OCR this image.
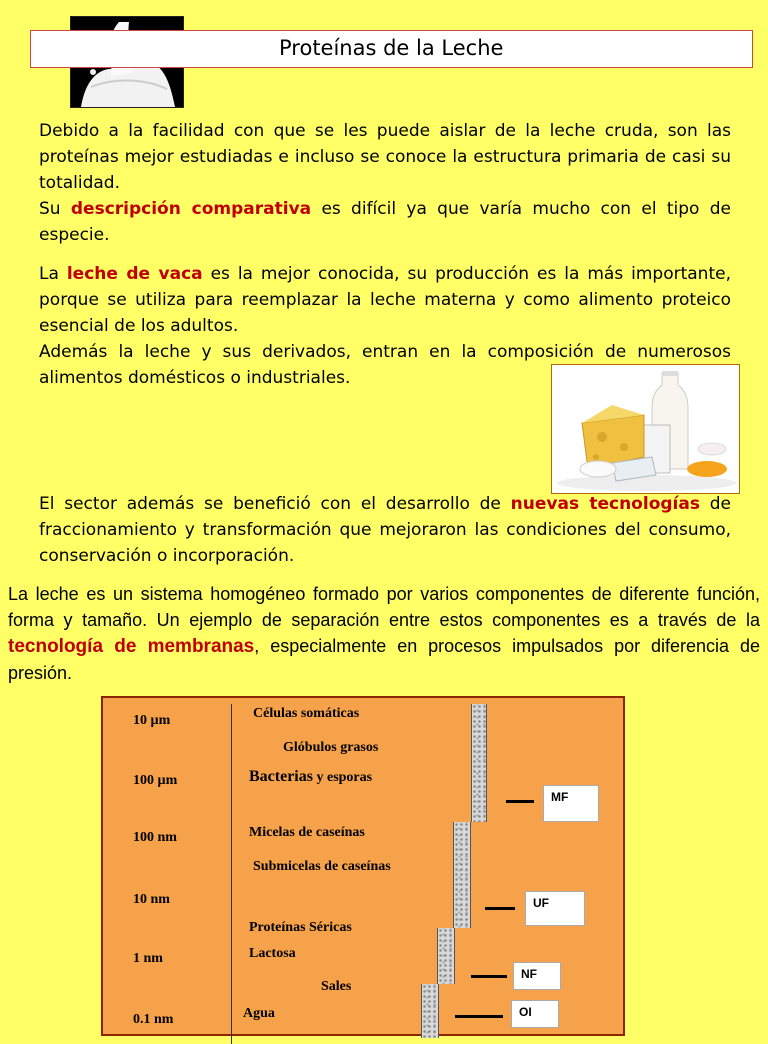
Proteínas de la Leche
Debido a la facilidad con que se les puede aislar de la leche cruda, son las proteínas mejor estudiadas e incluso se conoce la estructura primaria de casi su totalidad.
Su descripción comparativa es difícil ya que varía mucho con el tipo de especie.
La leche de vaca es la mejor conocida, su producción es la más importante, porque se utiliza para reemplazar la leche materna y como alimento proteico esencial de los adultos.
Además la leche y sus derivados, entran en la composición de numerosos alimentos domésticos o industriales.
El sector además se benefició con el desarrollo de nuevas tecnologías de fraccionamiento y transformación que mejoraron las condiciones del consumo, conservación o incorporación.
La leche es un sistema homogéneo formado por varios componentes de diferente función, forma y tamaño. Un ejemplo de separación entre estos componentes es a través de la tecnología de membranas, especialmente en procesos impulsados por diferencia de presión.
10 µm
100 µm
100 nm
10 nm
1 nm
0.1 nm
Células somáticas
Glóbulos grasos
Bacterias y esporas
Micelas de caseínas
Submicelas de caseínas
Proteínas Séricas
Lactosa
Sales
Agua
MF
UF
NF
OI
